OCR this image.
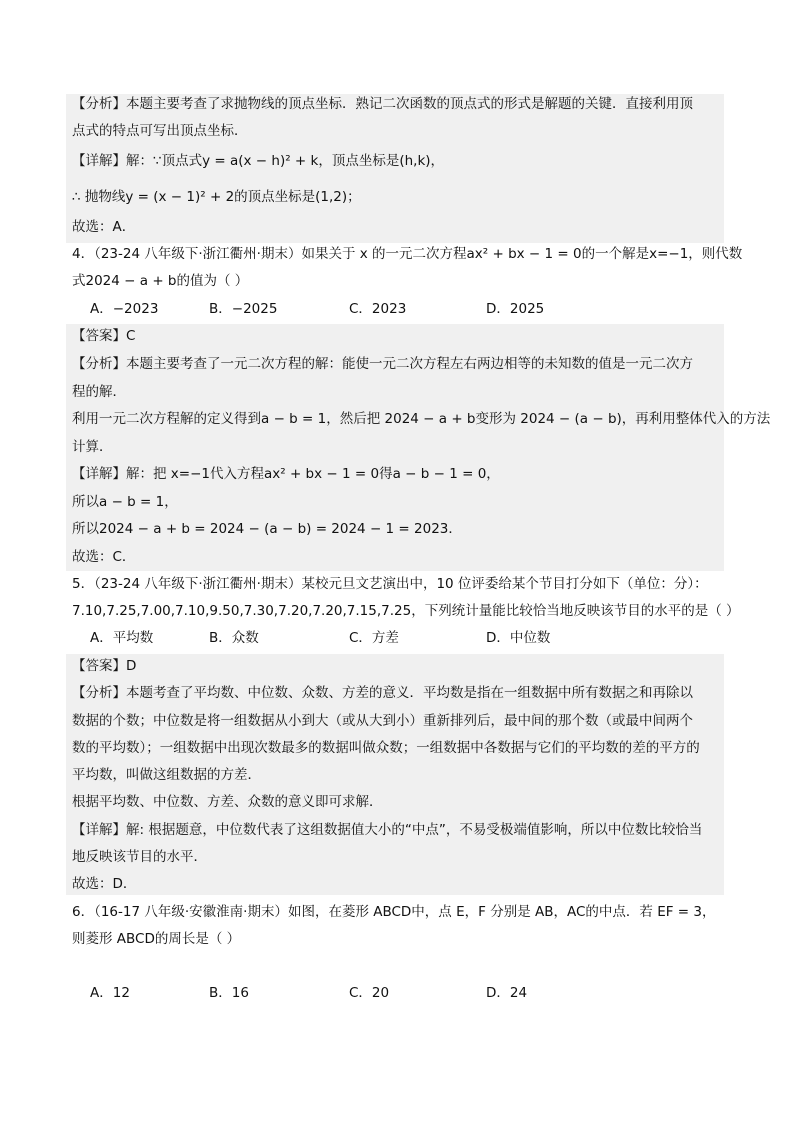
【分析】本题主要考查了求抛物线的顶点坐标．熟记二次函数的顶点式的形式是解题的关键．直接利用顶
点式的特点可写出顶点坐标．
【详解】解：∵顶点式y = a(x − h)² + k，顶点坐标是(h,k)，
∴ 抛物线y = (x − 1)² + 2的顶点坐标是(1,2)；
故选：A．
4．（23-24 八年级下·浙江衢州·期末）如果关于 x 的一元二次方程ax² + bx − 1 = 0的一个解是x=−1，则代数
式2024 − a + b的值为（ ）
A．−2023	B．−2025	C．2023	D．2025
【答案】C
【分析】本题主要考查了一元二次方程的解：能使一元二次方程左右两边相等的未知数的值是一元二次方
程的解．
利用一元二次方程解的定义得到a − b = 1，然后把 2024 − a + b变形为 2024 − (a − b)，再利用整体代入的方法
计算．
【详解】解：把 x=−1代入方程ax² + bx − 1 = 0得a − b − 1 = 0，
所以a − b = 1，
所以2024 − a + b = 2024 − (a − b) = 2024 − 1 = 2023．
故选：C．
5．（23-24 八年级下·浙江衢州·期末）某校元旦文艺演出中，10 位评委给某个节目打分如下（单位：分）：
7.10,7.25,7.00,7.10,9.50,7.30,7.20,7.20,7.15,7.25，下列统计量能比较恰当地反映该节目的水平的是（ ）
A．平均数	B．众数	C．方差	D．中位数
【答案】D
【分析】本题考查了平均数、中位数、众数、方差的意义．平均数是指在一组数据中所有数据之和再除以
数据的个数；中位数是将一组数据从小到大（或从大到小）重新排列后，最中间的那个数（或最中间两个
数的平均数）；一组数据中出现次数最多的数据叫做众数；一组数据中各数据与它们的平均数的差的平方的
平均数，叫做这组数据的方差．
根据平均数、中位数、方差、众数的意义即可求解．
【详解】解: 根据题意，中位数代表了这组数据值大小的“中点”，不易受极端值影响，所以中位数比较恰当
地反映该节目的水平．
故选：D．
6．（16-17 八年级·安徽淮南·期末）如图，在菱形 ABCD中，点 E，F 分别是 AB，AC的中点．若 EF = 3，
则菱形 ABCD的周长是（ ）
A．12	B．16	C．20	D．24
